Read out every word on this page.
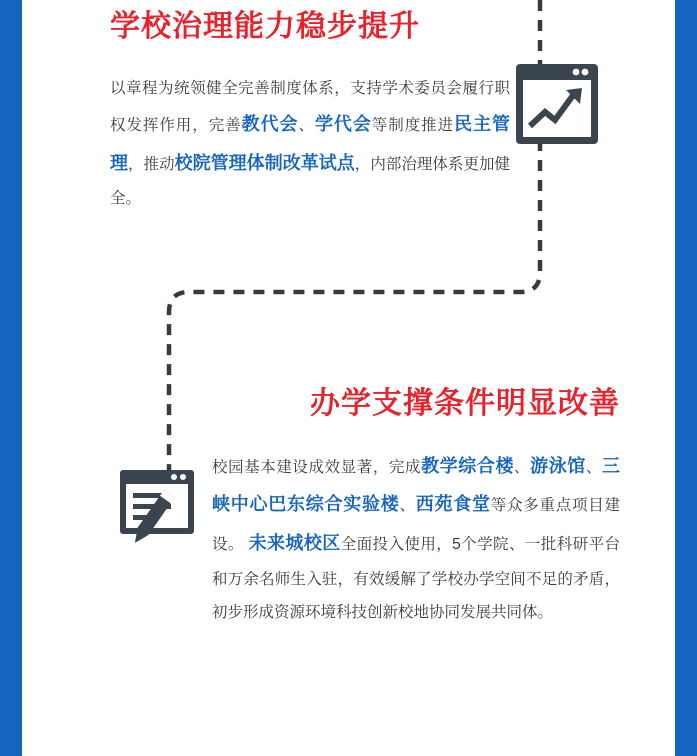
学校治理能力稳步提升

以章程为统领健全完善制度体系，支持学术委员会履行职权发挥作用，完善教代会、学代会等制度推进民主管理，推动校院管理体制改革试点，内部治理体系更加健全。

办学支撑条件明显改善

校园基本建设成效显著，完成教学综合楼、游泳馆、三峡中心巴东综合实验楼、西苑食堂等众多重点项目建设。 未来城校区全面投入使用，5个学院、一批科研平台和万余名师生入驻，有效缓解了学校办学空间不足的矛盾，初步形成资源环境科技创新校地协同发展共同体。
